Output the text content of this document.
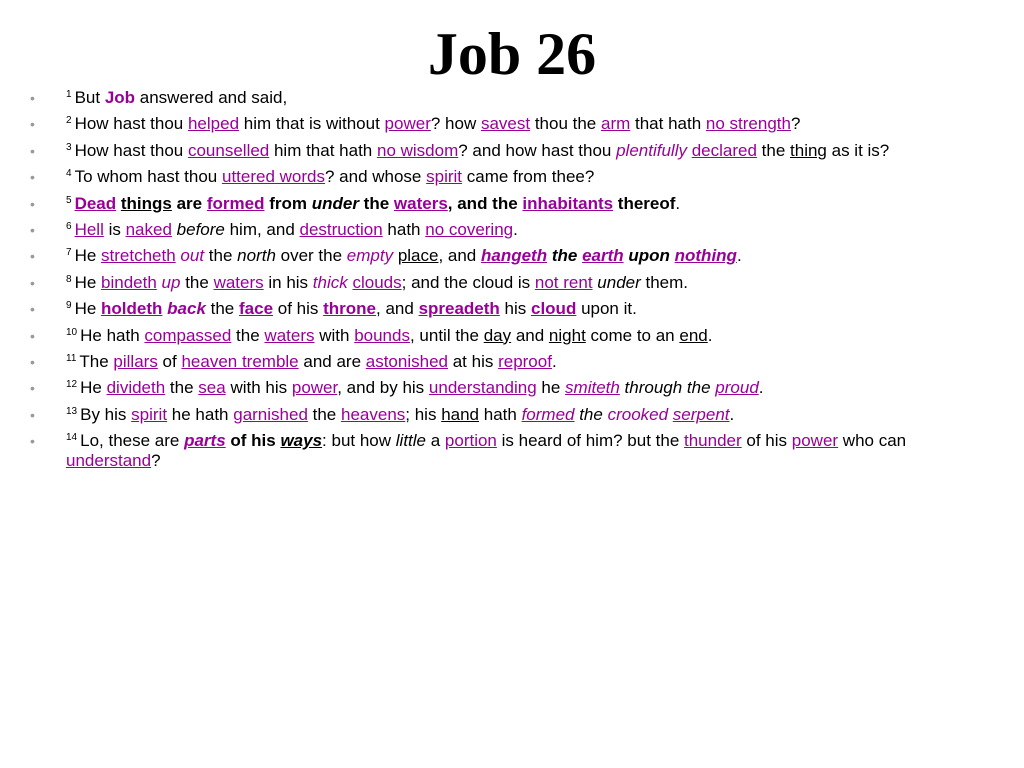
Job 26
•	$^1$ But Job answered and said,
•	$^2$ How hast thou helped him that is without power? how savest thou the arm that hath no strength?
•	$^3$ How hast thou counselled him that hath no wisdom? and how hast thou plentifully declared the thing as it is?
•	$^4$ To whom hast thou uttered words? and whose spirit came from thee?
•	$^5$ Dead things are formed from under the waters, and the inhabitants thereof.
•	$^6$ Hell is naked before him, and destruction hath no covering.
•	$^7$ He stretcheth out the north over the empty place, and hangeth the earth upon nothing.
•	$^8$ He bindeth up the waters in his thick clouds; and the cloud is not rent under them.
•	$^9$ He holdeth back the face of his throne, and spreadeth his cloud upon it.
•	$^{10}$ He hath compassed the waters with bounds, until the day and night come to an end.
•	$^{11}$ The pillars of heaven tremble and are astonished at his reproof.
•	$^{12}$ He divideth the sea with his power, and by his understanding he smiteth through the proud.
•	$^{13}$ By his spirit he hath garnished the heavens; his hand hath formed the crooked serpent.
•	$^{14}$ Lo, these are parts of his ways: but how little a portion is heard of him? but the thunder of his power who can understand?
